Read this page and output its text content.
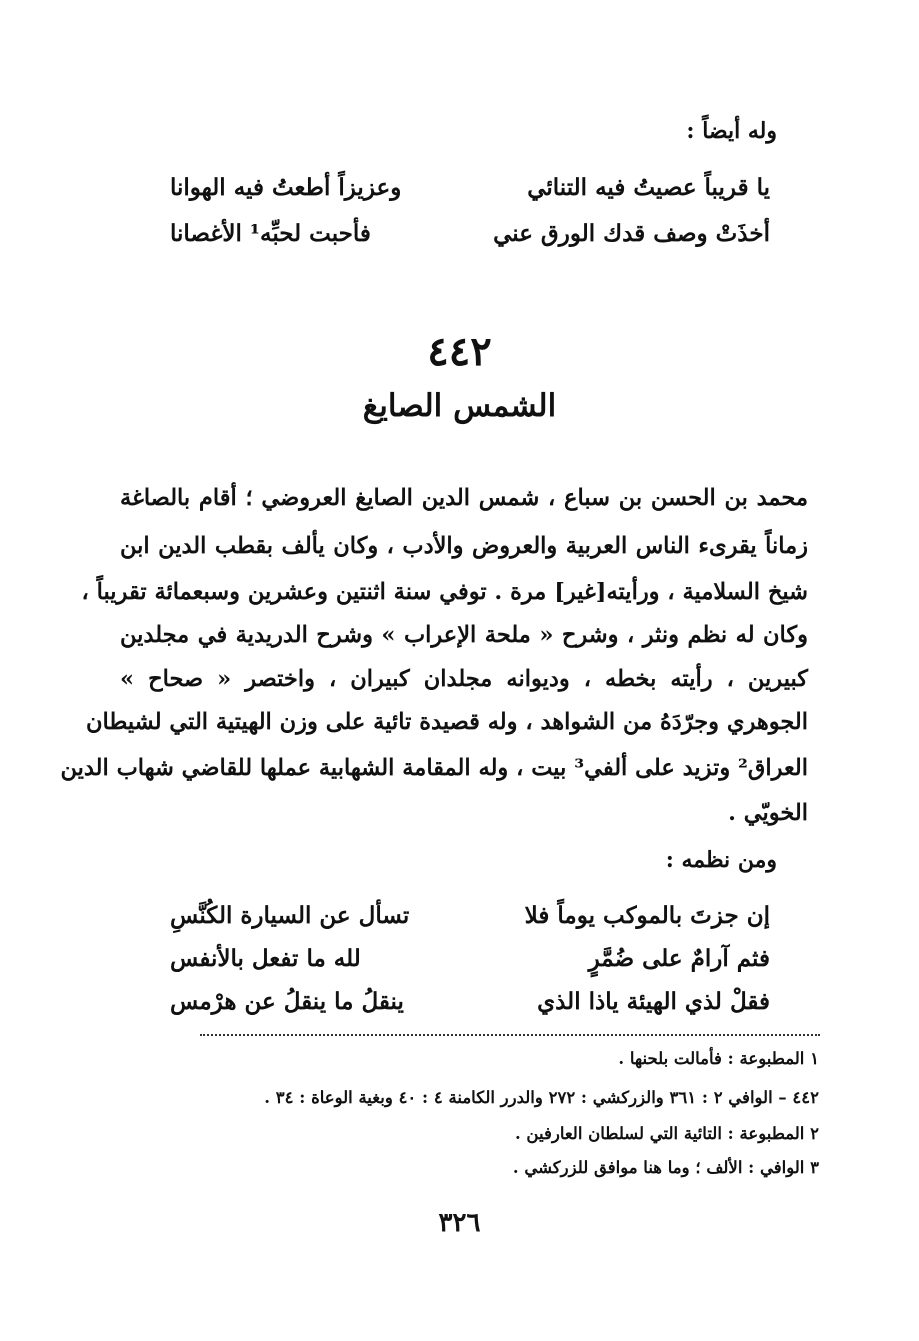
وله أيضاً :
يا قريباً عصيتُ فيه التنائي
وعزيزاً أطعتُ فيه الهوانا
أخذَتْ وصف قدك الورق عني
فأحبت لحبِّه¹ الأغصانا
٤٤٢
الشمس الصايغ
محمد بن الحسن بن سباع ، شمس الدين الصايغ العروضي ؛ أقام بالصاغة
زماناً يقرىء الناس العربية والعروض والأدب ، وكان يألف بقطب الدين ابن
شيخ السلامية ، ورأيته[غير] مرة . توفي سنة اثنتين وعشرين وسبعمائة تقريباً ،
وكان له نظم ونثر ، وشرح « ملحة الإعراب » وشرح الدريدية في مجلدين
كبيرين ، رأيته بخطه ، وديوانه مجلدان كبيران ، واختصر « صحاح »
الجوهري وجرّدَهُ من الشواهد ، وله قصيدة تائية على وزن الهيتية التي لشيطان
العراق² وتزيد على ألفي³ بيت ، وله المقامة الشهابية عملها للقاضي شهاب الدين
الخويّي .
ومن نظمه :
إن جزتَ بالموكب يوماً فلا
تسأل عن السيارة الكُنَّسِ
فثم آرامٌ على ضُمَّرٍ
لله ما تفعل بالأنفس
فقلْ لذي الهيئة ياذا الذي
ينقلُ ما ينقلُ عن هرْمس
١ المطبوعة : فأمالت بلحنها .
٤٤٢ – الوافي ٢ : ٣٦١ والزركشي : ٢٧٢ والدرر الكامنة ٤ : ٤٠ وبغية الوعاة : ٣٤ .
٢ المطبوعة : التائية التي لسلطان العارفين .
٣ الوافي : الألف ؛ وما هنا موافق للزركشي .
٣٢٦
